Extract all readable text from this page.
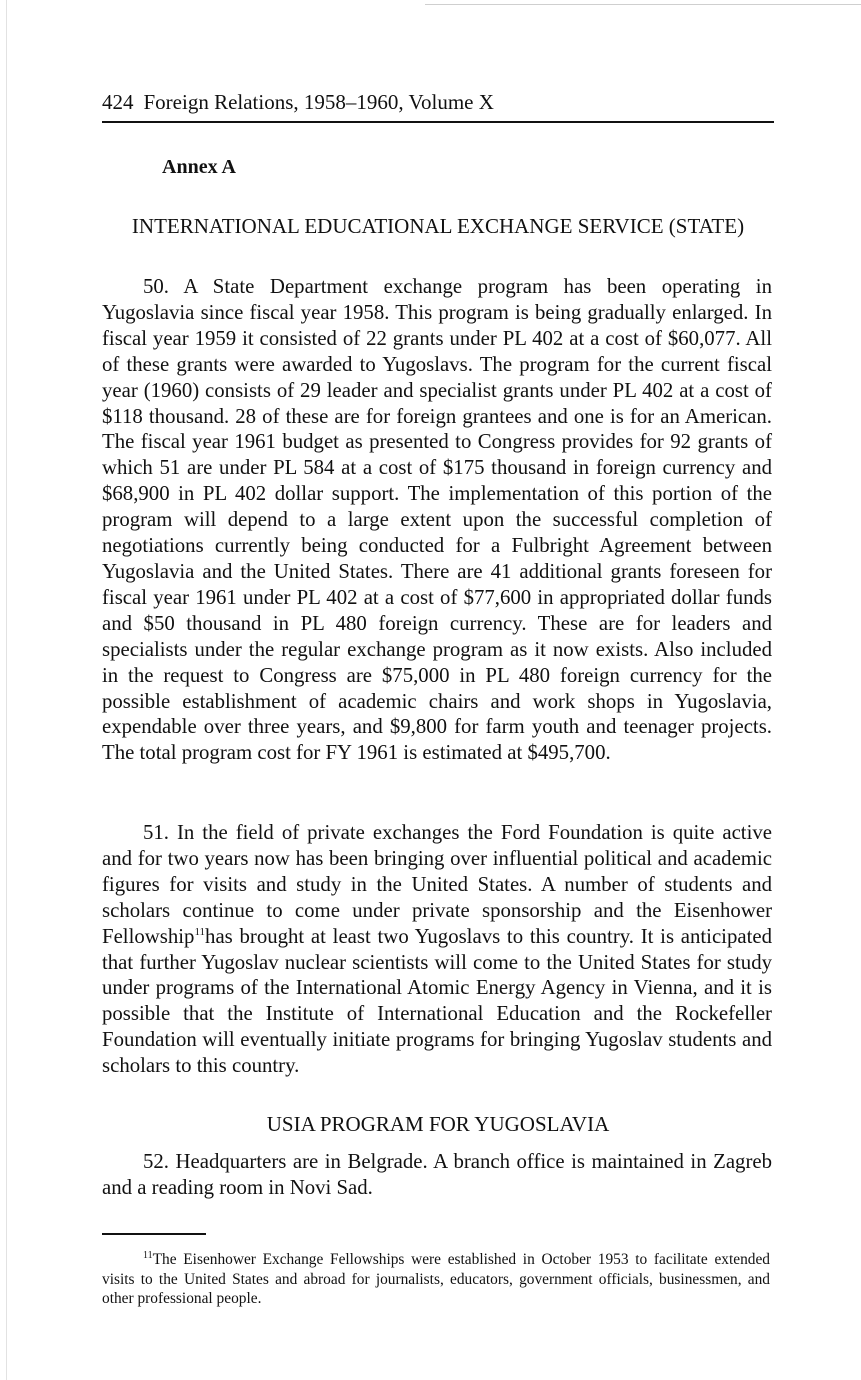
424 Foreign Relations, 1958–1960, Volume X
Annex A
INTERNATIONAL EDUCATIONAL EXCHANGE SERVICE (STATE)

50. A State Department exchange program has been operating in Yugoslavia since fiscal year 1958. This program is being gradually enlarged. In fiscal year 1959 it consisted of 22 grants under PL 402 at a cost of $60,077. All of these grants were awarded to Yugoslavs. The program for the current fiscal year (1960) consists of 29 leader and specialist grants under PL 402 at a cost of $118 thousand. 28 of these are for foreign grantees and one is for an American. The fiscal year 1961 budget as presented to Congress provides for 92 grants of which 51 are under PL 584 at a cost of $175 thousand in foreign currency and $68,900 in PL 402 dollar support. The implementation of this portion of the program will depend to a large extent upon the successful completion of negotiations currently being conducted for a Fulbright Agreement between Yugoslavia and the United States. There are 41 additional grants foreseen for fiscal year 1961 under PL 402 at a cost of $77,600 in appropriated dollar funds and $50 thousand in PL 480 foreign currency. These are for leaders and specialists under the regular exchange program as it now exists. Also included in the request to Congress are $75,000 in PL 480 foreign currency for the possible establishment of academic chairs and work shops in Yugoslavia, expendable over three years, and $9,800 for farm youth and teenager projects. The total program cost for FY 1961 is estimated at $495,700.

51. In the field of private exchanges the Ford Foundation is quite active and for two years now has been bringing over influential political and academic figures for visits and study in the United States. A number of students and scholars continue to come under private sponsorship and the Eisenhower Fellowship$^{11}$has brought at least two Yugoslavs to this country. It is anticipated that further Yugoslav nuclear scientists will come to the United States for study under programs of the International Atomic Energy Agency in Vienna, and it is possible that the Institute of International Education and the Rockefeller Foundation will eventually initiate programs for bringing Yugoslav students and scholars to this country.

USIA PROGRAM FOR YUGOSLAVIA

52. Headquarters are in Belgrade. A branch office is maintained in Zagreb and a reading room in Novi Sad.

$^{11}$The Eisenhower Exchange Fellowships were established in October 1953 to facilitate extended visits to the United States and abroad for journalists, educators, government officials, businessmen, and other professional people.
